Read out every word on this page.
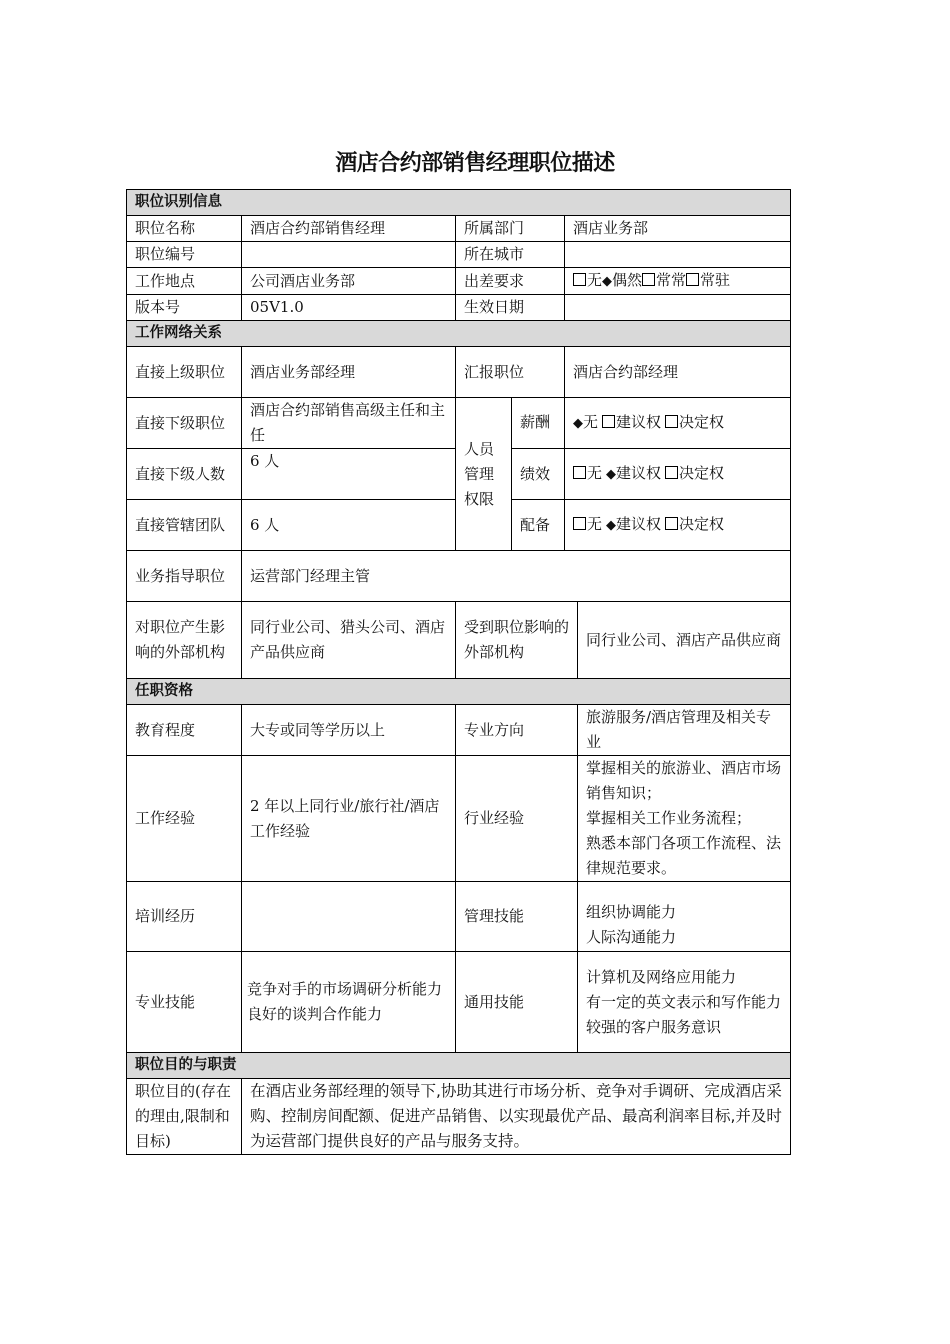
酒店合约部销售经理职位描述
职位识别信息					
职位名称	酒店合约部销售经理	所属部门		酒店业务部	
职位编号		所在城市			
工作地点	公司酒店业务部	出差要求		无◆偶然 常常 常驻	
版本号	05V1.0	生效日期			
工作网络关系					
直接上级职位	酒店业务部经理	汇报职位		酒店合约部经理	
直接下级职位	酒店合约部销售高级主任和主任	人员管理权限	薪酬	◆无 建议权 决定权	
直接下级人数	6 人		绩效	无 ◆建议权 决定权	
直接管辖团队	6 人		配备	无 ◆建议权 决定权	
业务指导职位	运营部门经理主管				
对职位产生影响的外部机构	同行业公司、猎头公司、酒店产品供应商	受到职位影响的外部机构			同行业公司、酒店产品供应商
任职资格					
教育程度	大专或同等学历以上	专业方向			旅游服务/酒店管理及相关专业
工作经验	2 年以上同行业/旅行社/酒店工作经验	行业经验			掌握相关的旅游业、酒店市场销售知识；
掌握相关工作业务流程；
熟悉本部门各项工作流程、法律规范要求。

培训经历		管理技能			组织协调能力
人际沟通能力

专业技能	竞争对手的市场调研分析能力
良好的谈判合作能力	通用技能			计算机及网络应用能力
有一定的英文表示和写作能力
较强的客户服务意识

职位目的与职责					
职位目的(存在的理由,限制和目标)	在酒店业务部经理的领导下,协助其进行市场分析、竞争对手调研、完成酒店采购、控制房间配额、促进产品销售、以实现最优产品、最高利润率目标,并及时为运营部门提供良好的产品与服务支持。				
